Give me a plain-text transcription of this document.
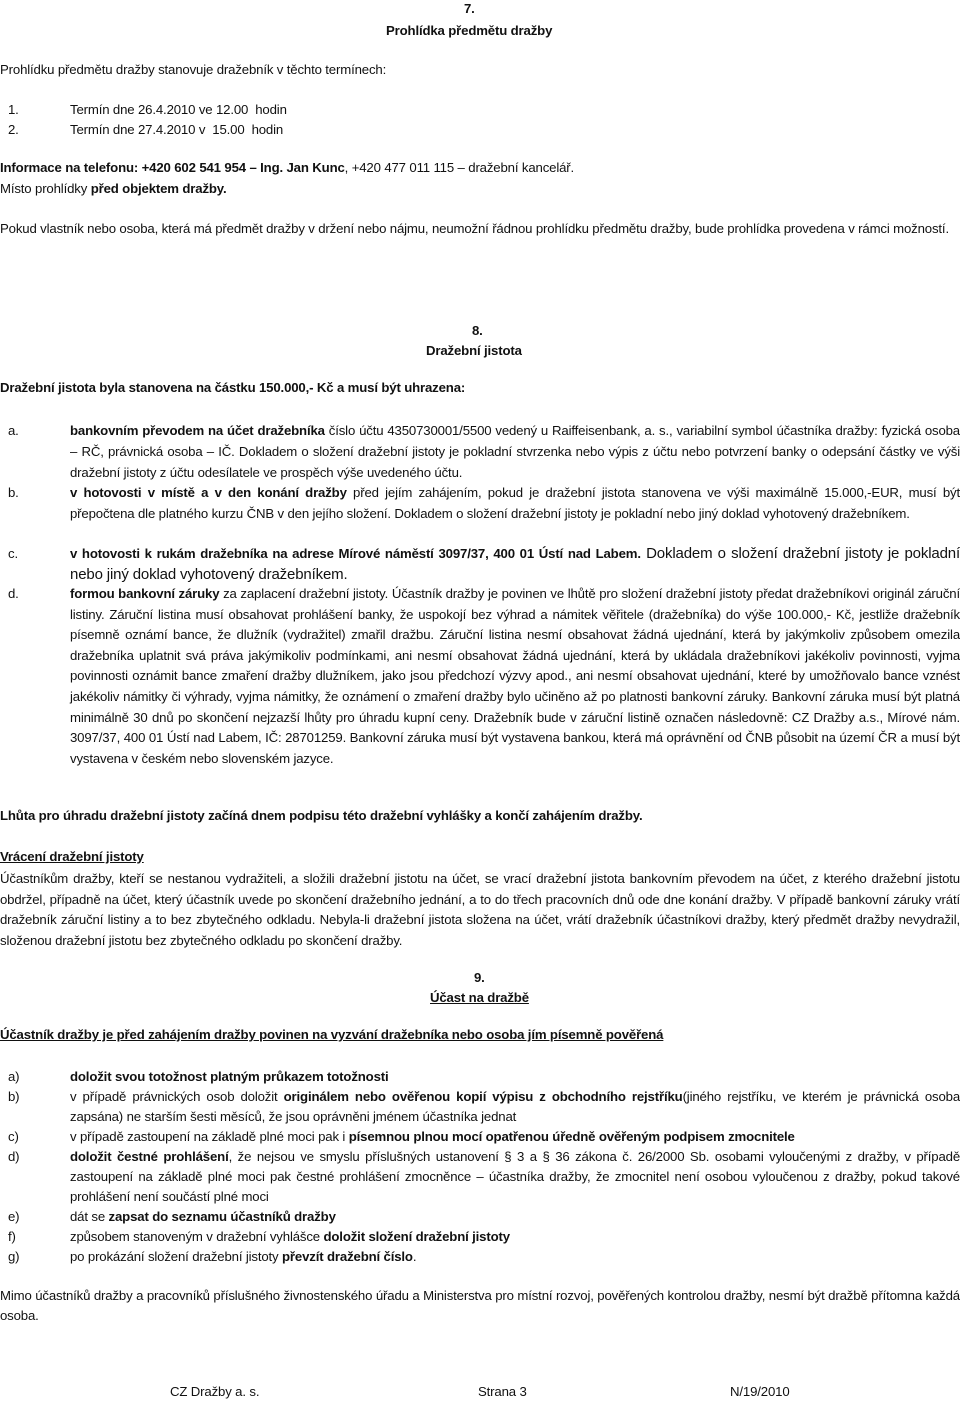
7.
Prohlídka předmětu dražby
Prohlídku předmětu dražby stanovuje dražebník v těchto termínech:
1.	Termín dne 26.4.2010 ve 12.00  hodin
2.	Termín dne 27.4.2010 v  15.00  hodin
Informace na telefonu: +420 602 541 954 – Ing. Jan Kunc, +420 477 011 115 – dražební kancelář.
Místo prohlídky před objektem dražby.
Pokud vlastník nebo osoba, která má předmět dražby v držení nebo nájmu, neumožní řádnou prohlídku předmětu dražby, bude prohlídka provedena v rámci možností.
8.
Dražební jistota
Dražební jistota byla stanovena na částku 150.000,- Kč a musí být uhrazena:
a.	bankovním převodem na účet dražebníka číslo účtu 4350730001/5500 vedený u Raiffeisenbank, a. s., variabilní symbol účastníka dražby: fyzická osoba – RČ, právnická osoba – IČ. Dokladem o složení dražební jistoty je pokladní stvrzenka nebo výpis z účtu nebo potvrzení banky o odepsání částky ve výši dražební jistoty z účtu odesílatele ve prospěch výše uvedeného účtu.
b.	v hotovosti v místě a v den konání dražby před jejím zahájením, pokud je dražební jistota stanovena ve výši maximálně 15.000,-EUR, musí být přepočtena dle platného kurzu ČNB v den jejího složení. Dokladem o složení dražební jistoty je pokladní nebo jiný doklad vyhotovený dražebníkem.
c.	v hotovosti k rukám dražebníka na adrese Mírové náměstí 3097/37, 400 01 Ústí nad Labem. Dokladem o složení dražební jistoty je pokladní nebo jiný doklad vyhotovený dražebníkem.
d.	formou bankovní záruky za zaplacení dražební jistoty. Účastník dražby je povinen ve lhůtě pro složení dražební jistoty předat dražebníkovi originál záruční listiny. Záruční listina musí obsahovat prohlášení banky, že uspokojí bez výhrad a námitek věřitele (dražebníka) do výše 100.000,- Kč, jestliže dražebník písemně oznámí bance, že dlužník (vydražitel) zmařil dražbu. Záruční listina nesmí obsahovat žádná ujednání, která by jakýmkoliv způsobem omezila dražebníka uplatnit svá práva jakýmikoliv podmínkami, ani nesmí obsahovat žádná ujednání, která by ukládala dražebníkovi jakékoliv povinnosti, vyjma povinnosti oznámit bance zmaření dražby dlužníkem, jako jsou předchozí výzvy apod., ani nesmí obsahovat ujednání, které by umožňovalo bance vznést jakékoliv námitky či výhrady, vyjma námitky, že oznámení o zmaření dražby bylo učiněno až po platnosti bankovní záruky. Bankovní záruka musí být platná minimálně 30 dnů po skončení nejzazší lhůty pro úhradu kupní ceny. Dražebník bude v záruční listině označen následovně: CZ Dražby a.s., Mírové nám. 3097/37, 400 01 Ústí nad Labem, IČ: 28701259. Bankovní záruka musí být vystavena bankou, která má oprávnění od ČNB působit na území ČR a musí být vystavena v českém nebo slovenském jazyce.
Lhůta pro úhradu dražební jistoty začíná dnem podpisu této dražební vyhlášky a končí zahájením dražby.
Vrácení dražební jistoty
Účastníkům dražby, kteří se nestanou vydražiteli, a složili dražební jistotu na účet, se vrací dražební jistota bankovním převodem na účet, z kterého dražební jistotu obdržel, případně na účet, který účastník uvede po skončení dražebního jednání, a to do třech pracovních dnů ode dne konání dražby. V případě bankovní záruky vrátí dražebník záruční listiny a to bez zbytečného odkladu. Nebyla-li dražební jistota složena na účet, vrátí dražebník účastníkovi dražby, který předmět dražby nevydražil, složenou dražební jistotu bez zbytečného odkladu po skončení dražby.
9.
Účast na dražbě
Účastník dražby je před zahájením dražby povinen na vyzvání dražebníka nebo osoba jím písemně pověřená
a)	doložit svou totožnost platným průkazem totožnosti
b)	v případě právnických osob doložit originálem nebo ověřenou kopií výpisu z obchodního rejstříku(jiného rejstříku, ve kterém je právnická osoba zapsána) ne starším šesti měsíců, že jsou oprávněni jménem účastníka jednat
c)	v případě zastoupení na základě plné moci pak i písemnou plnou mocí opatřenou úředně ověřeným podpisem zmocnitele
d)	doložit čestné prohlášení, že nejsou ve smyslu příslušných ustanovení § 3 a § 36 zákona č. 26/2000 Sb. osobami vyloučenými z dražby, v případě zastoupení na základě plné moci pak čestné prohlášení zmocněnce – účastníka dražby, že zmocnitel není osobou vyloučenou z dražby, pokud takové prohlášení není součástí plné moci
e)	dát se zapsat do seznamu účastníků dražby
f)	způsobem stanoveným v dražební vyhlášce doložit složení dražební jistoty
g)	po prokázání složení dražební jistoty převzít dražební číslo.
Mimo účastníků dražby a pracovníků příslušného živnostenského úřadu a Ministerstva pro místní rozvoj, pověřených kontrolou dražby, nesmí být dražbě přítomna každá osoba.
CZ Dražby a. s.	Strana 3	N/19/2010
